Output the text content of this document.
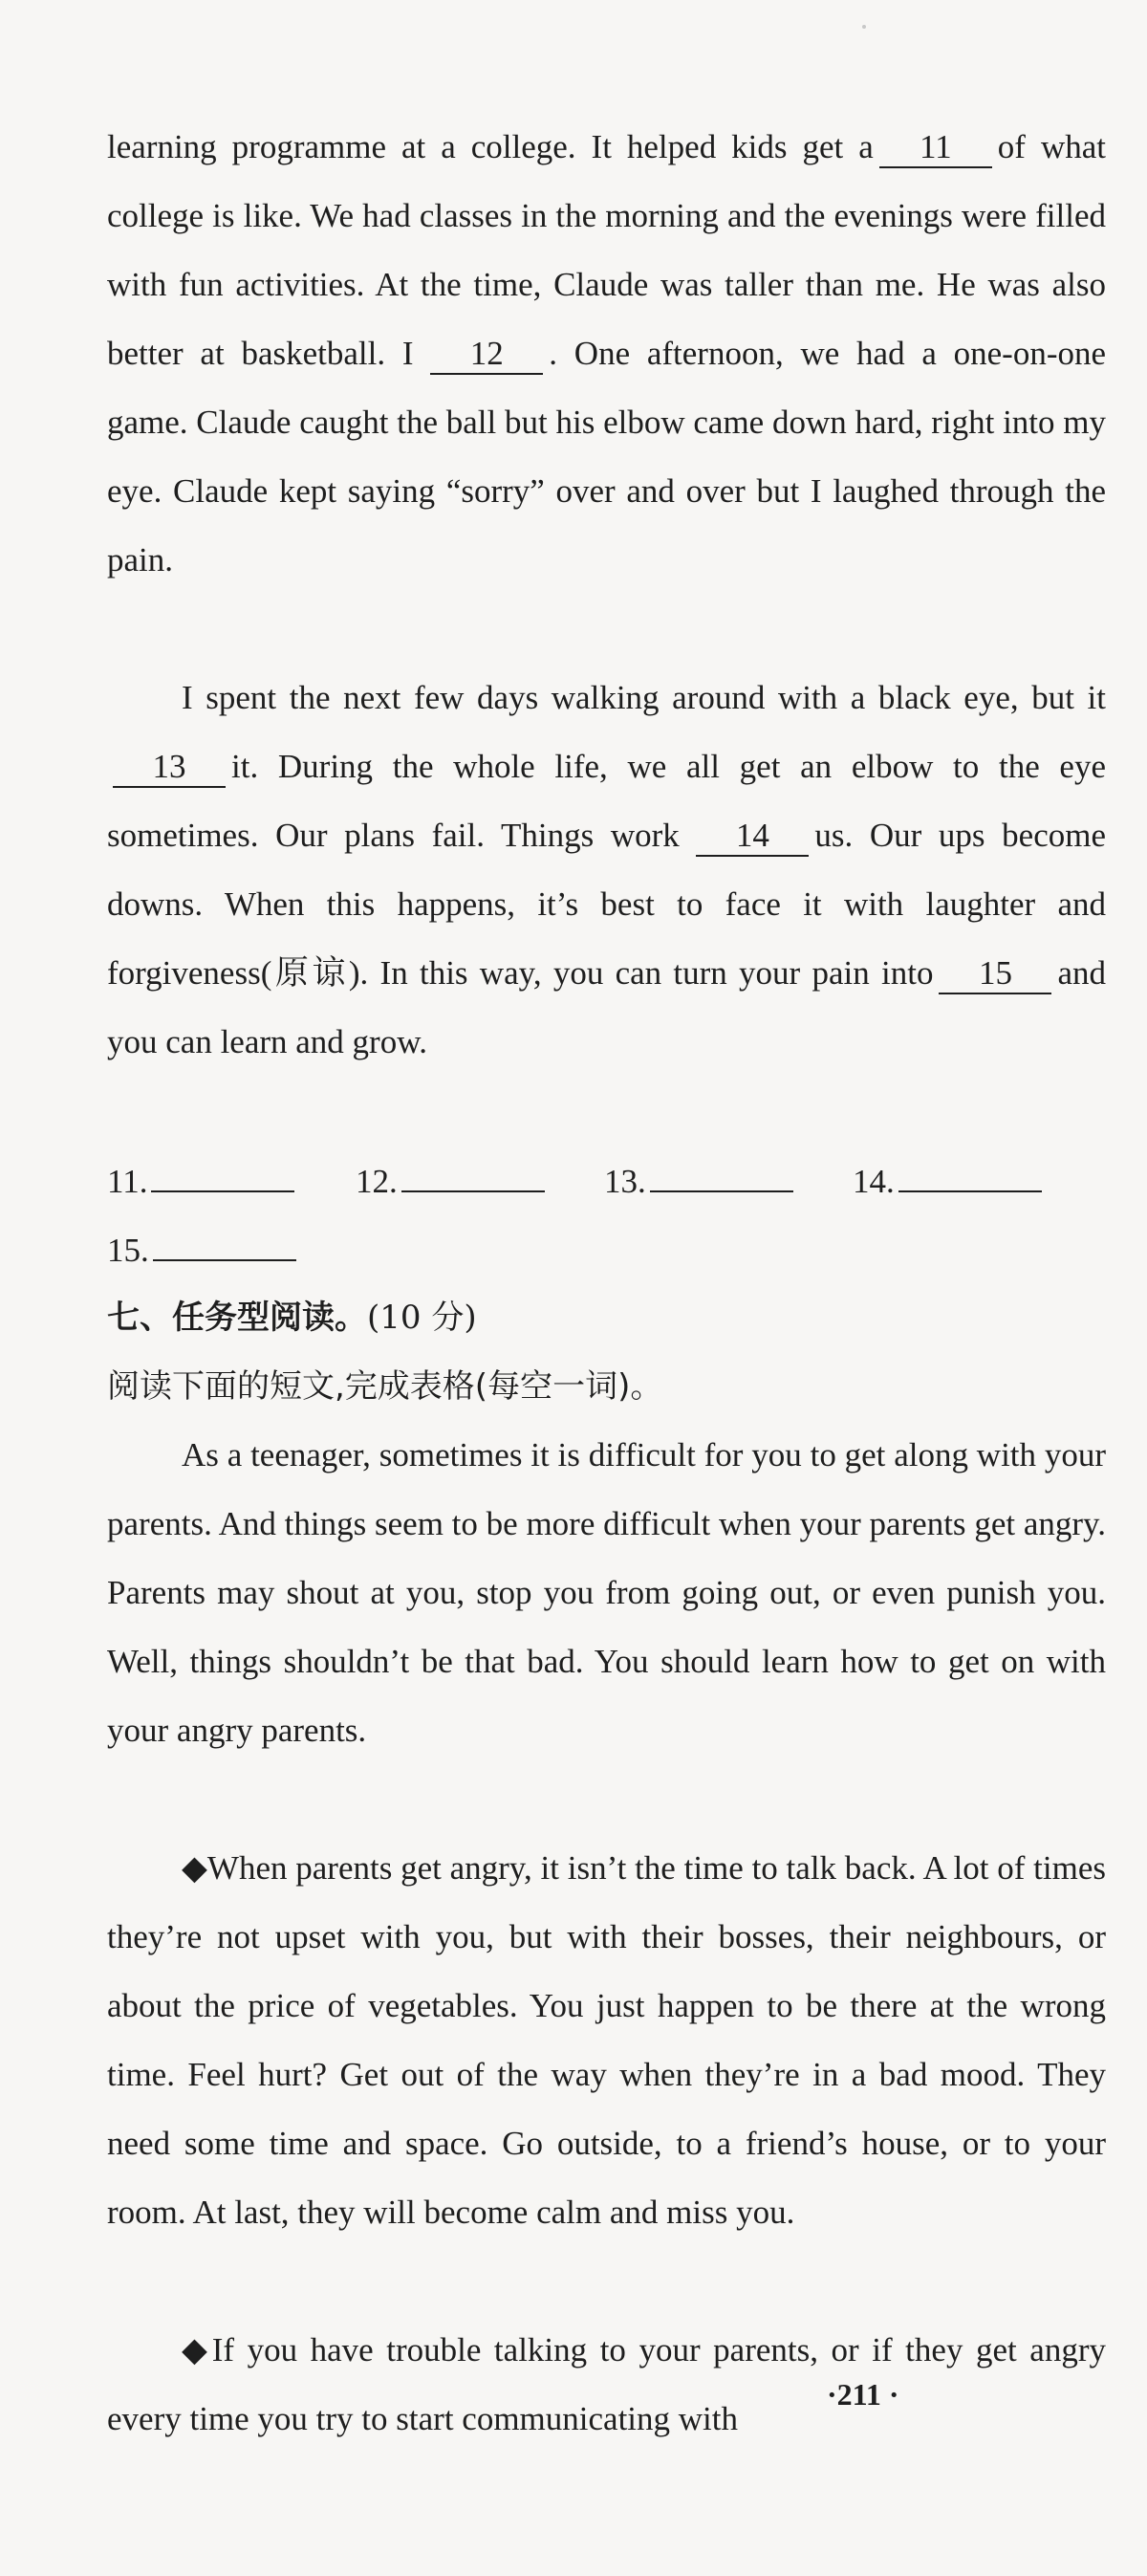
learning programme at a college. It helped kids get a 11 of what college is like. We had classes in the morning and the evenings were filled with fun activities. At the time, Claude was taller than me. He was also better at basketball. I 12 . One afternoon, we had a one-on-one game. Claude caught the ball but his elbow came down hard, right into my eye. Claude kept saying “sorry” over and over but I laughed through the pain.

I spent the next few days walking around with a black eye, but it13 it. During the whole life, we all get an elbow to the eye sometimes. Our plans fail. Things work 14 us. Our ups become downs. When this happens, it’s best to face it with laughter and forgiveness(原谅). In this way, you can turn your pain into 15 and you can learn and grow.

11.	12.	13.	14.
15.
七、任务型阅读。(10 分)
阅读下面的短文,完成表格(每空一词)。

As a teenager, sometimes it is difficult for you to get along with your parents. And things seem to be more difficult when your parents get angry. Parents may shout at you, stop you from going out, or even punish you. Well, things shouldn’t be that bad. You should learn how to get on with your angry parents.

◆When parents get angry, it isn’t the time to talk back. A lot of times they’re not upset with you, but with their bosses, their neighbours, or about the price of vegetables. You just happen to be there at the wrong time. Feel hurt? Get out of the way when they’re in a bad mood. They need some time and space. Go outside, to a friend’s house, or to your room. At last, they will become calm and miss you.

◆If you have trouble talking to your parents, or if they get angry every time you try to start communicating with

·211 ·
